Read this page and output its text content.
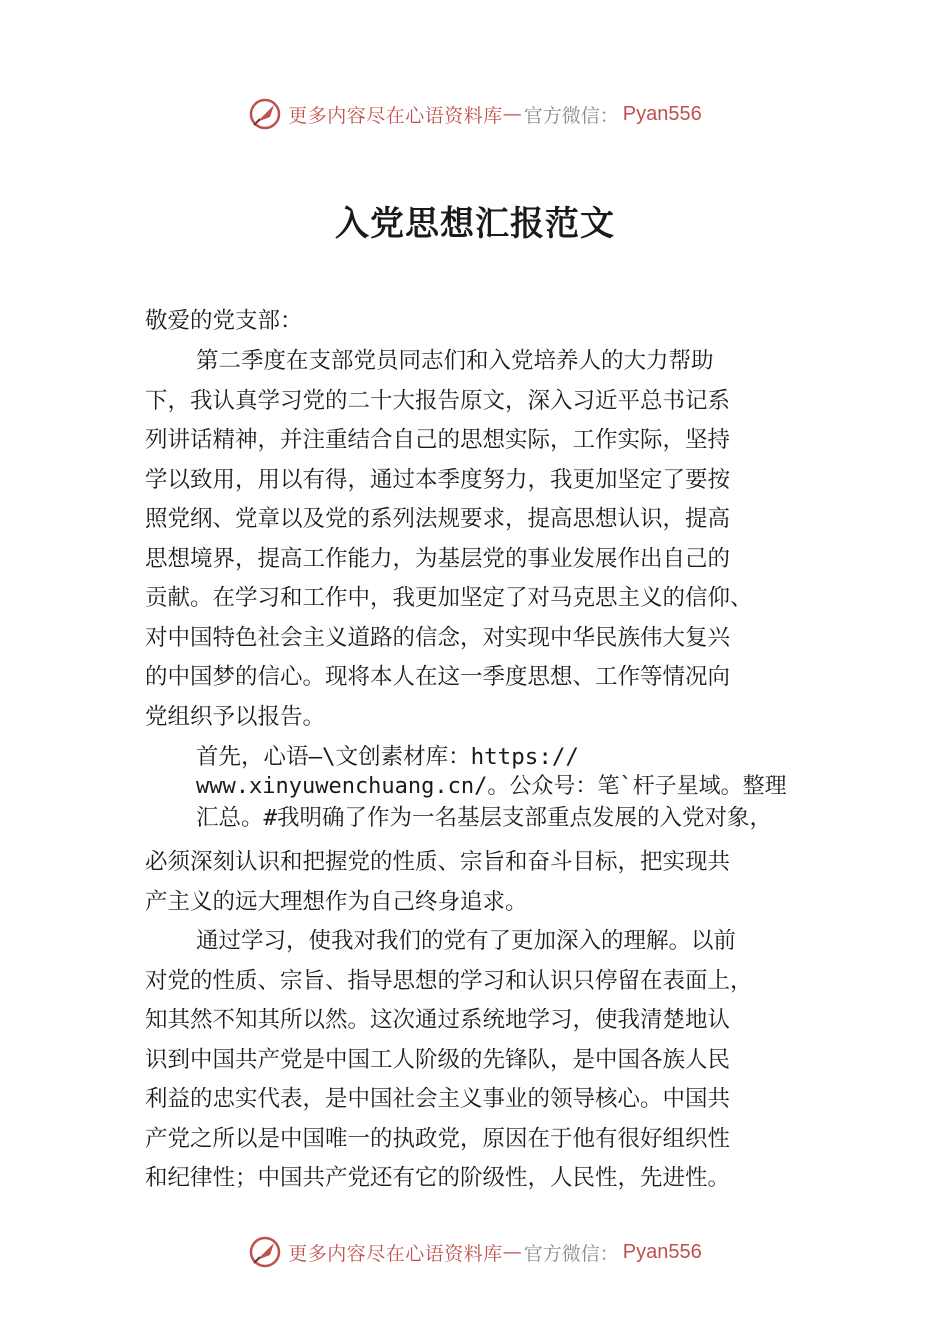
更多内容尽在心语资料库 — 官方微信： Pyan556
入党思想汇报范文
敬爱的党支部：
第二季度在支部党员同志们和入党培养人的大力帮助
下，我认真学习党的二十大报告原文，深入习近平总书记系
列讲话精神，并注重结合自己的思想实际，工作实际，坚持
学以致用，用以有得，通过本季度努力，我更加坚定了要按
照党纲、党章以及党的系列法规要求，提高思想认识，提高
思想境界，提高工作能力，为基层党的事业发展作出自己的
贡献。在学习和工作中，我更加坚定了对马克思主义的信仰、
对中国特色社会主义道路的信念，对实现中华民族伟大复兴
的中国梦的信心。现将本人在这一季度思想、工作等情况向
党组织予以报告。
首先，心语—\文创素材库：https://
www.xinyuwenchuang.cn/。公众号：笔`杆子星域。整理
汇总。#我明确了作为一名基层支部重点发展的入党对象，
必须深刻认识和把握党的性质、宗旨和奋斗目标，把实现共
产主义的远大理想作为自己终身追求。
通过学习，使我对我们的党有了更加深入的理解。以前
对党的性质、宗旨、指导思想的学习和认识只停留在表面上，
知其然不知其所以然。这次通过系统地学习，使我清楚地认
识到中国共产党是中国工人阶级的先锋队，是中国各族人民
利益的忠实代表，是中国社会主义事业的领导核心。中国共
产党之所以是中国唯一的执政党，原因在于他有很好组织性
和纪律性；中国共产党还有它的阶级性，人民性，先进性。
更多内容尽在心语资料库 — 官方微信： Pyan556
